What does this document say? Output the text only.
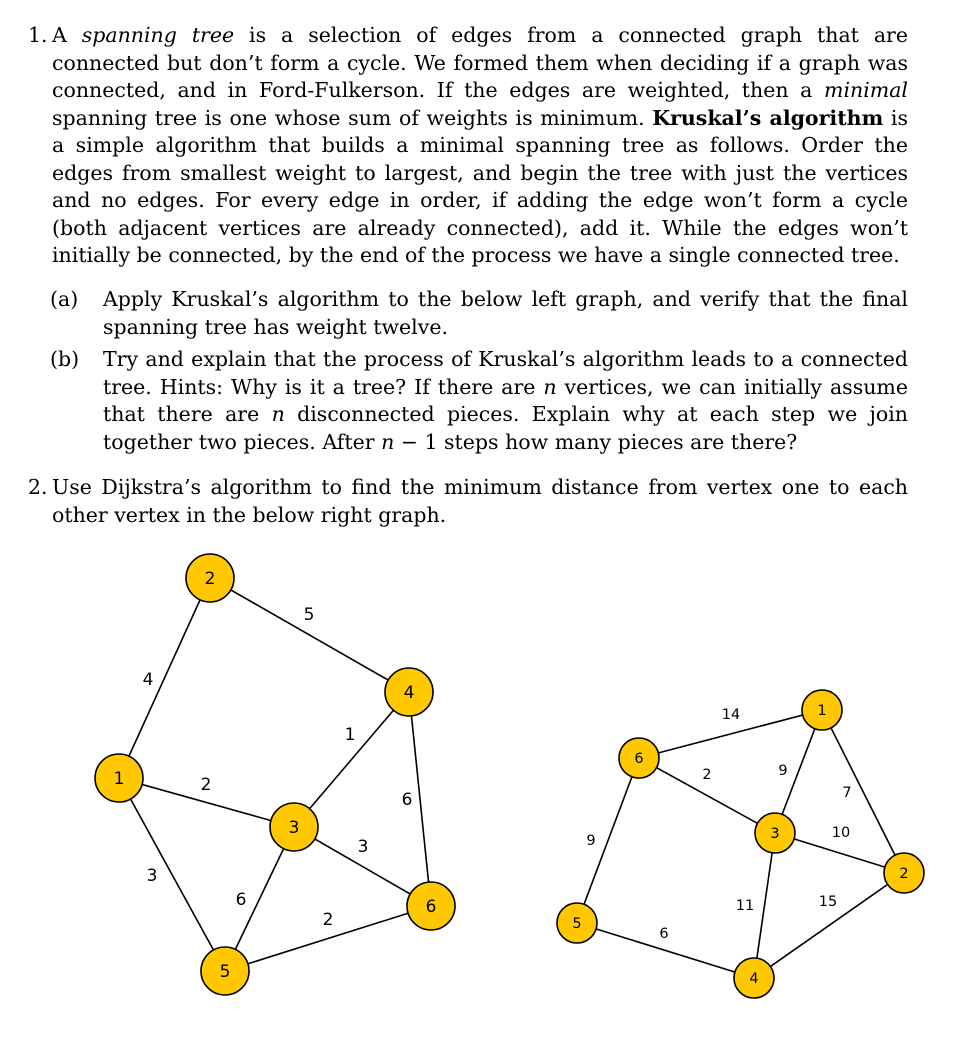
1. A spanning tree is a selection of edges from a connected graph that are connected but don’t form a cycle. We formed them when deciding if a graph was connected, and in Ford-Fulkerson. If the edges are weighted, then a minimal spanning tree is one whose sum of weights is minimum. Kruskal’s algorithm is a simple algorithm that builds a minimal spanning tree as follows. Order the edges from smallest weight to largest, and begin the tree with just the vertices and no edges. For every edge in order, if adding the edge won’t form a cycle (both adjacent vertices are already connected), add it. While the edges won’t initially be connected, by the end of the process we have a single connected tree.
(a) Apply Kruskal’s algorithm to the below left graph, and verify that the final spanning tree has weight twelve.
(b) Try and explain that the process of Kruskal’s algorithm leads to a connected tree. Hints: Why is it a tree? If there are n vertices, we can initially assume that there are n disconnected pieces. Explain why at each step we join together two pieces. After n − 1 steps how many pieces are there?
2. Use Dijkstra’s algorithm to find the minimum distance from vertex one to each other vertex in the below right graph.
4
5
2
3
1
6
3
6
2
1
2
3
4
5
6
14
2	9
7
10
9
11	15
6
1
2
3
4
5
6
